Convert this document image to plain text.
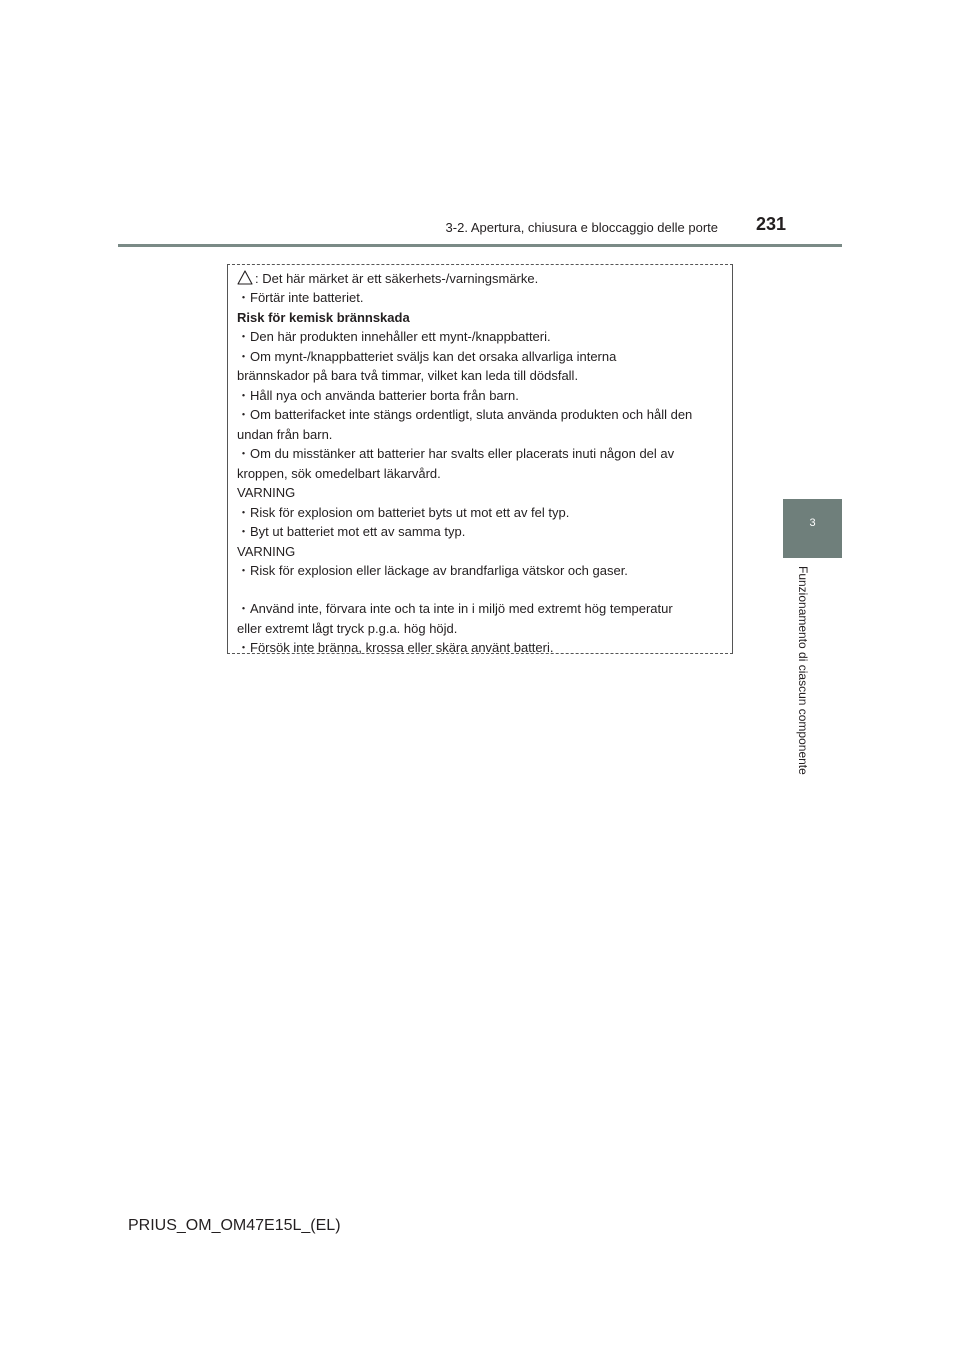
3-2. Apertura, chiusura e bloccaggio delle porte 231
3
Funzionamento di ciascun componente
: Det här märket är ett säkerhets-/varningsmärke.
・Förtär inte batteriet.
Risk för kemisk brännskada
・Den här produkten innehåller ett mynt-/knappbatteri.
・Om mynt-/knappbatteriet sväljs kan det orsaka allvarliga interna
brännskador på bara två timmar, vilket kan leda till dödsfall.
・Håll nya och använda batterier borta från barn.
・Om batterifacket inte stängs ordentligt, sluta använda produkten och håll den
undan från barn.
・Om du misstänker att batterier har svalts eller placerats inuti någon del av
kroppen, sök omedelbart läkarvård.
VARNING
・Risk för explosion om batteriet byts ut mot ett av fel typ.
・Byt ut batteriet mot ett av samma typ.
VARNING
・Risk för explosion eller läckage av brandfarliga vätskor och gaser.
・Använd inte, förvara inte och ta inte in i miljö med extremt hög temperatur
eller extremt lågt tryck p.g.a. hög höjd.
・Försök inte bränna, krossa eller skära använt batteri.
PRIUS_OM_OM47E15L_(EL)
